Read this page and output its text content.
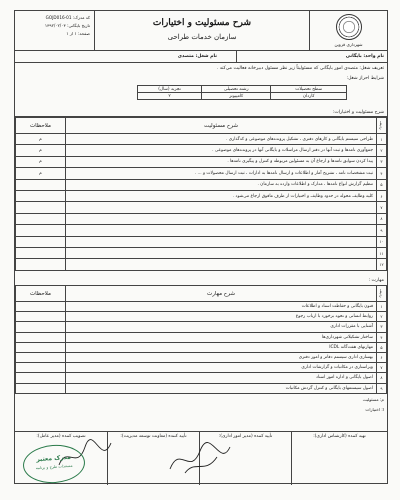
کد مدرک: GOJD016-01
تاریخ بایگانی: ۱۳۹۲/۰۲/۰۳
صفحه: ۱ از ۱
شرح مسئولیت و اختیارات
سازمان خدمات طراحی
شهرداری قزوین
نام واحد: بایگانی
نام شغل: متصدی
تعریف شغل: متصدی امور بایگانی که مسئولیتاً زیر نظر مسئول دبیرخانه فعالیت می‌کند .
شرایط احراز شغل:
سطح تحصیلات	رشته تحصیلی	تجربه (سال)
کاردان	کامپیوتر	۲
شرح مسئولیت و اختیارات:
ردیف	شرح مسئولیت	ملاحظات
۱	طراحی سیستم بایگانی و کارهای دفتری ، تشکیل پرونده‌های موضوعی و کدگذاری .	م
۲	جمع‌آوری نامه‌ها و ثبت آنها در دفتر ارسال مراسلات و بایگانی آنها در پرونده‌های موضوعی .	م
۳	پیدا کردن سوابق نامه‌ها و ارجاع آن به مسئولین مربوطه و کنترل و پیگیری نامه‌ها .	م
۴	ثبت مشخصات نامه ، تشریح آمار و اطلاعات و ارسال نامه‌ها به ادارات ، ثبت ارسال محصولات و ... .	م
۵	تنظیم گزارش انواع نامه‌ها ، مدارک و اطلاعات وارده به سازمان .	
۶	کلیه وظایف محوله در حدود وظایف و اختیارات از طرف مافوق ارجاع می‌شود .	
۷		
۸		
۹		
۱۰		
۱۱		
۱۲		
مهارت :
ردیف	شرح مهارت	ملاحظات
۱	فنون بایگانی و حفاظت اسناد و اطلاعات	
۲	روابط انسانی و نحوه برخورد با ارباب رجوع	
۳	آشنایی با مقررات اداری	
۴	ساختار تشکیلاتی شهرداری‌ها	
۵	مهارتهای هفت‌گانه ICDL	
۶	بهسازی اداری سیستم دفاتر و امور دفتری	
۷	ویراستاری در مکاتبات و گزارشات اداری	
۸	اصول بایگانی و اداره امور اسناد	
۹	اصول سیستمهای بایگانی و کنترل گردش مکاتبات	
م: مسئولیت
ا: اختیارات
تهیه کننده (کارشناس اداری):
تأیید کننده (مدیر امور اداری):
تأیید کننده (معاونت توسعه مدیریت):
تصویب کننده (مدیر عامل):
مدرک معتبر
مستندات طرح و برنامه
